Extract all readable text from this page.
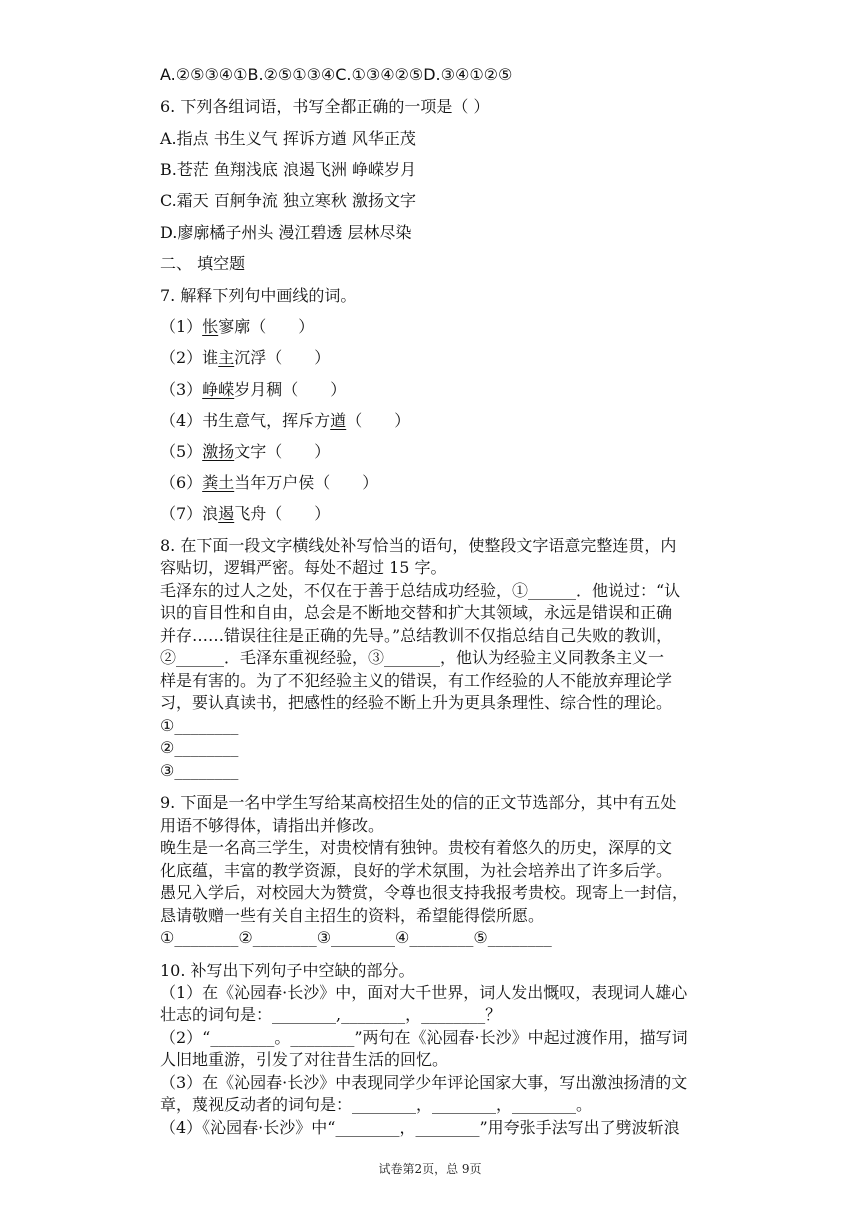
A.②⑤③④①B.②⑤①③④C.①③④②⑤D.③④①②⑤
6. 下列各组词语，书写全都正确的一项是（ ）
A.指点 书生义气 挥诉方遒 风华正茂
B.苍茫 鱼翔浅底 浪遏飞洲 峥嵘岁月
C.霜天 百舸争流 独立寒秋 激扬文字
D.廖廓橘子州头 漫江碧透 层林尽染
二、 填空题
7. 解释下列句中画线的词。
（1）怅寥廓（　　）
（2）谁主沉浮（　　）
（3）峥嵘岁月稠（　　）
（4）书生意气，挥斥方遒（　　）
（5）激扬文字（　　）
（6）粪土当年万户侯（　　）
（7）浪遏飞舟（　　）
8. 在下面一段文字横线处补写恰当的语句，使整段文字语意完整连贯，内
容贴切，逻辑严密。每处不超过 15 字。
毛泽东的过人之处，不仅在于善于总结成功经验，①______．他说过：“认
识的盲目性和自由，总会是不断地交替和扩大其领域，永远是错误和正确
并存……错误往往是正确的先导。”总结教训不仅指总结自己失败的教训，
②______．毛泽东重视经验，③_______，他认为经验主义同教条主义一
样是有害的。为了不犯经验主义的错误，有工作经验的人不能放弃理论学
习，要认真读书，把感性的经验不断上升为更具条理性、综合性的理论。
①________
②________
③________
9. 下面是一名中学生写给某高校招生处的信的正文节选部分，其中有五处
用语不够得体，请指出并修改。
晚生是一名高三学生，对贵校情有独钟。贵校有着悠久的历史，深厚的文
化底蕴，丰富的教学资源，良好的学术氛围，为社会培养出了许多后学。
愚兄入学后，对校园大为赞赏，令尊也很支持我报考贵校。现寄上一封信，
恳请敬赠一些有关自主招生的资料，希望能得偿所愿。
①________②________③________④________⑤________
10. 补写出下列句子中空缺的部分。
（1）在《沁园春·长沙》中，面对大千世界，词人发出慨叹，表现词人雄心
壮志的词句是：________,________，________？
（2）“________。________”两句在《沁园春·长沙》中起过渡作用，描写词
人旧地重游，引发了对往昔生活的回忆。
（3）在《沁园春·长沙》中表现同学少年评论国家大事，写出激浊扬清的文
章，蔑视反动者的词句是：________，________，________。
（4）《沁园春·长沙》中“________，________”用夸张手法写出了劈波斩浪
试卷第2页，总 9页
